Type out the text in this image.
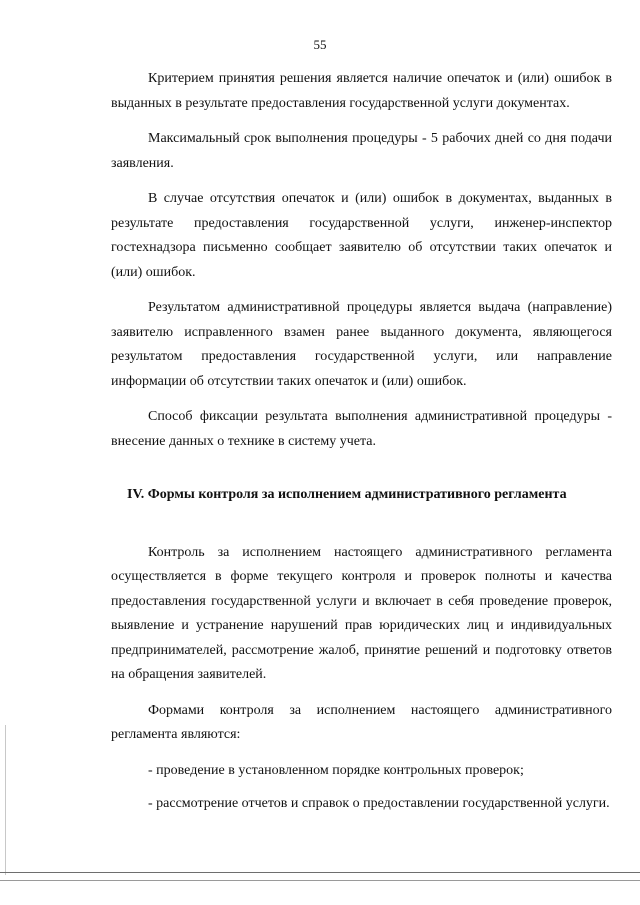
55

Критерием принятия решения является наличие опечаток и (или) ошибок в выданных в результате предоставления государственной услуги документах.

Максимальный срок выполнения процедуры - 5 рабочих дней со дня подачи заявления.

В случае отсутствия опечаток и (или) ошибок в документах, выданных в результате предоставления государственной услуги, инженер-инспектор гостехнадзора письменно сообщает заявителю об отсутствии таких опечаток и (или) ошибок.

Результатом административной процедуры является выдача (направление) заявителю исправленного взамен ранее выданного документа, являющегося результатом предоставления государственной услуги, или направление информации об отсутствии таких опечаток и (или) ошибок.

Способ фиксации результата выполнения административной процедуры - внесение данных о технике в систему учета.

IV. Формы контроля за исполнением административного регламента

Контроль за исполнением настоящего административного регламента осуществляется в форме текущего контроля и проверок полноты и качества предоставления государственной услуги и включает в себя проведение проверок, выявление и устранение нарушений прав юридических лиц и индивидуальных предпринимателей, рассмотрение жалоб, принятие решений и подготовку ответов на обращения заявителей.

Формами контроля за исполнением настоящего административного регламента являются:

- проведение в установленном порядке контрольных проверок;

- рассмотрение отчетов и справок о предоставлении государственной услуги.
